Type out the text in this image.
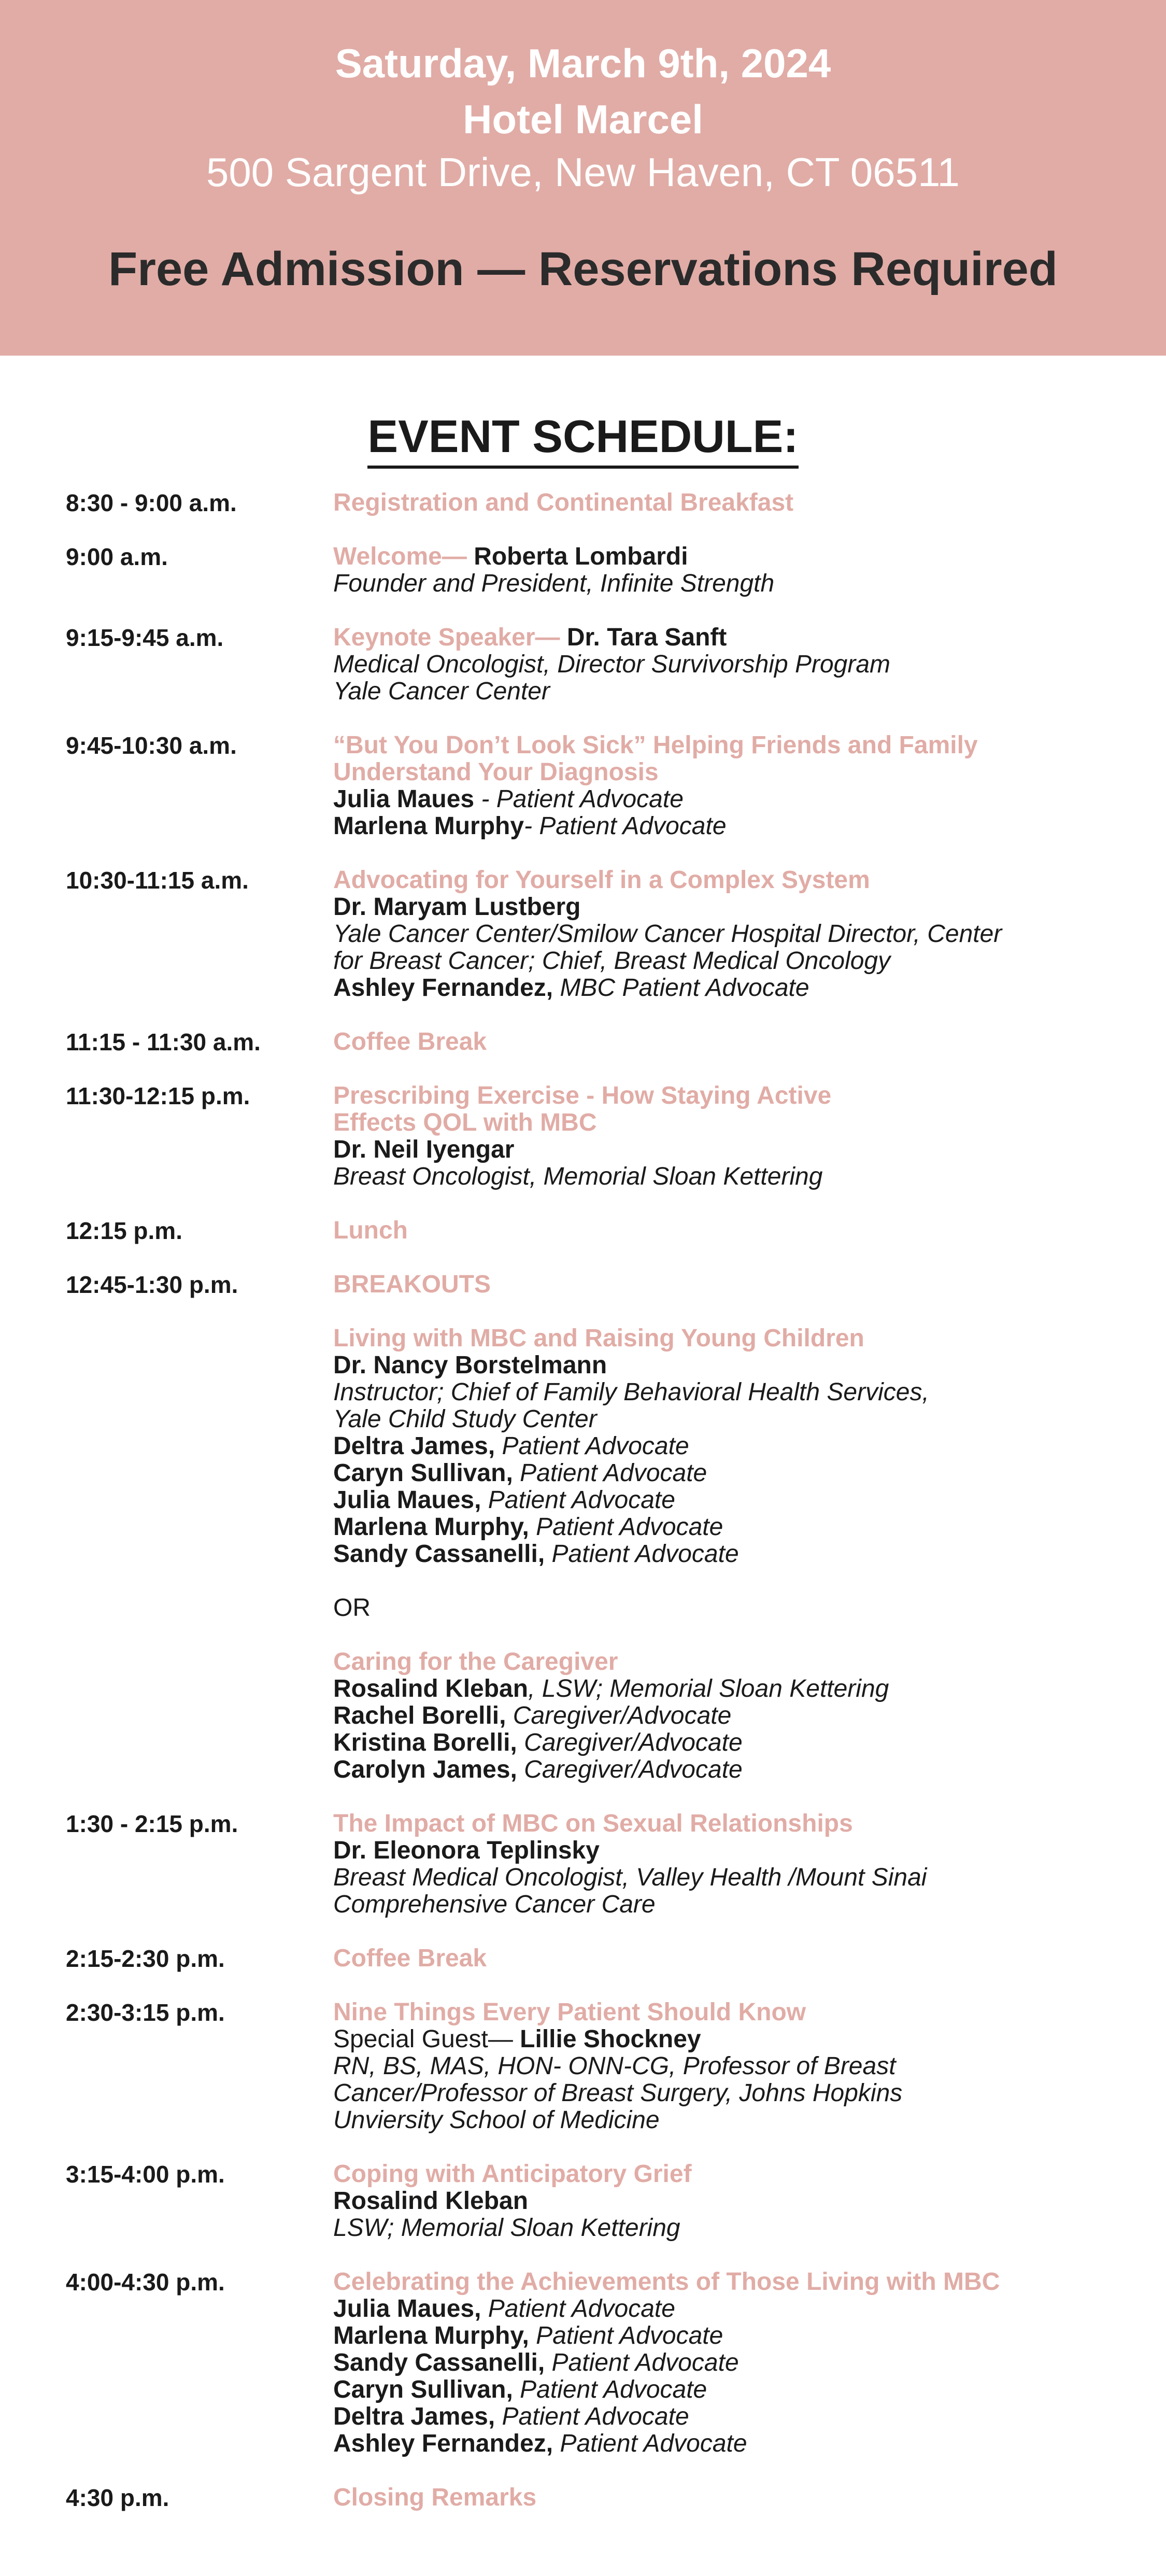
Saturday, March 9th, 2024
Hotel Marcel
500 Sargent Drive, New Haven, CT 06511
Free Admission — Reservations Required
EVENT SCHEDULE:
8:30 - 9:00 a.m.	Registration and Continental Breakfast
9:00 a.m.	Welcome— Roberta Lombardi
Founder and President, Infinite Strength
9:15-9:45 a.m.	Keynote Speaker— Dr. Tara Sanft
Medical Oncologist, Director Survivorship Program
Yale Cancer Center
9:45-10:30 a.m.	“But You Don’t Look Sick” Helping Friends and Family
Understand Your Diagnosis
Julia Maues - Patient Advocate
Marlena Murphy- Patient Advocate
10:30-11:15 a.m.	Advocating for Yourself in a Complex System
Dr. Maryam Lustberg
Yale Cancer Center/Smilow Cancer Hospital Director, Center
for Breast Cancer; Chief, Breast Medical Oncology
Ashley Fernandez, MBC Patient Advocate
11:15 - 11:30 a.m.	Coffee Break
11:30-12:15 p.m.	Prescribing Exercise - How Staying Active
Effects QOL with MBC
Dr. Neil Iyengar
Breast Oncologist, Memorial Sloan Kettering
12:15 p.m.	Lunch
12:45-1:30 p.m.	BREAKOUTS
Living with MBC and Raising Young Children
Dr. Nancy Borstelmann
Instructor; Chief of Family Behavioral Health Services,
Yale Child Study Center
Deltra James, Patient Advocate
Caryn Sullivan, Patient Advocate
Julia Maues, Patient Advocate
Marlena Murphy, Patient Advocate
Sandy Cassanelli, Patient Advocate
OR
Caring for the Caregiver
Rosalind Kleban, LSW; Memorial Sloan Kettering
Rachel Borelli, Caregiver/Advocate
Kristina Borelli, Caregiver/Advocate
Carolyn James, Caregiver/Advocate
1:30 - 2:15 p.m.	The Impact of MBC on Sexual Relationships
Dr. Eleonora Teplinsky
Breast Medical Oncologist, Valley Health /Mount Sinai
Comprehensive Cancer Care
2:15-2:30 p.m.	Coffee Break
2:30-3:15 p.m.	Nine Things Every Patient Should Know
Special Guest— Lillie Shockney
RN, BS, MAS, HON- ONN-CG, Professor of Breast
Cancer/Professor of Breast Surgery, Johns Hopkins
Unviersity School of Medicine
3:15-4:00 p.m.	Coping with Anticipatory Grief
Rosalind Kleban
LSW; Memorial Sloan Kettering
4:00-4:30 p.m.	Celebrating the Achievements of Those Living with MBC
Julia Maues, Patient Advocate
Marlena Murphy, Patient Advocate
Sandy Cassanelli, Patient Advocate
Caryn Sullivan, Patient Advocate
Deltra James, Patient Advocate
Ashley Fernandez, Patient Advocate
4:30 p.m.	Closing Remarks
